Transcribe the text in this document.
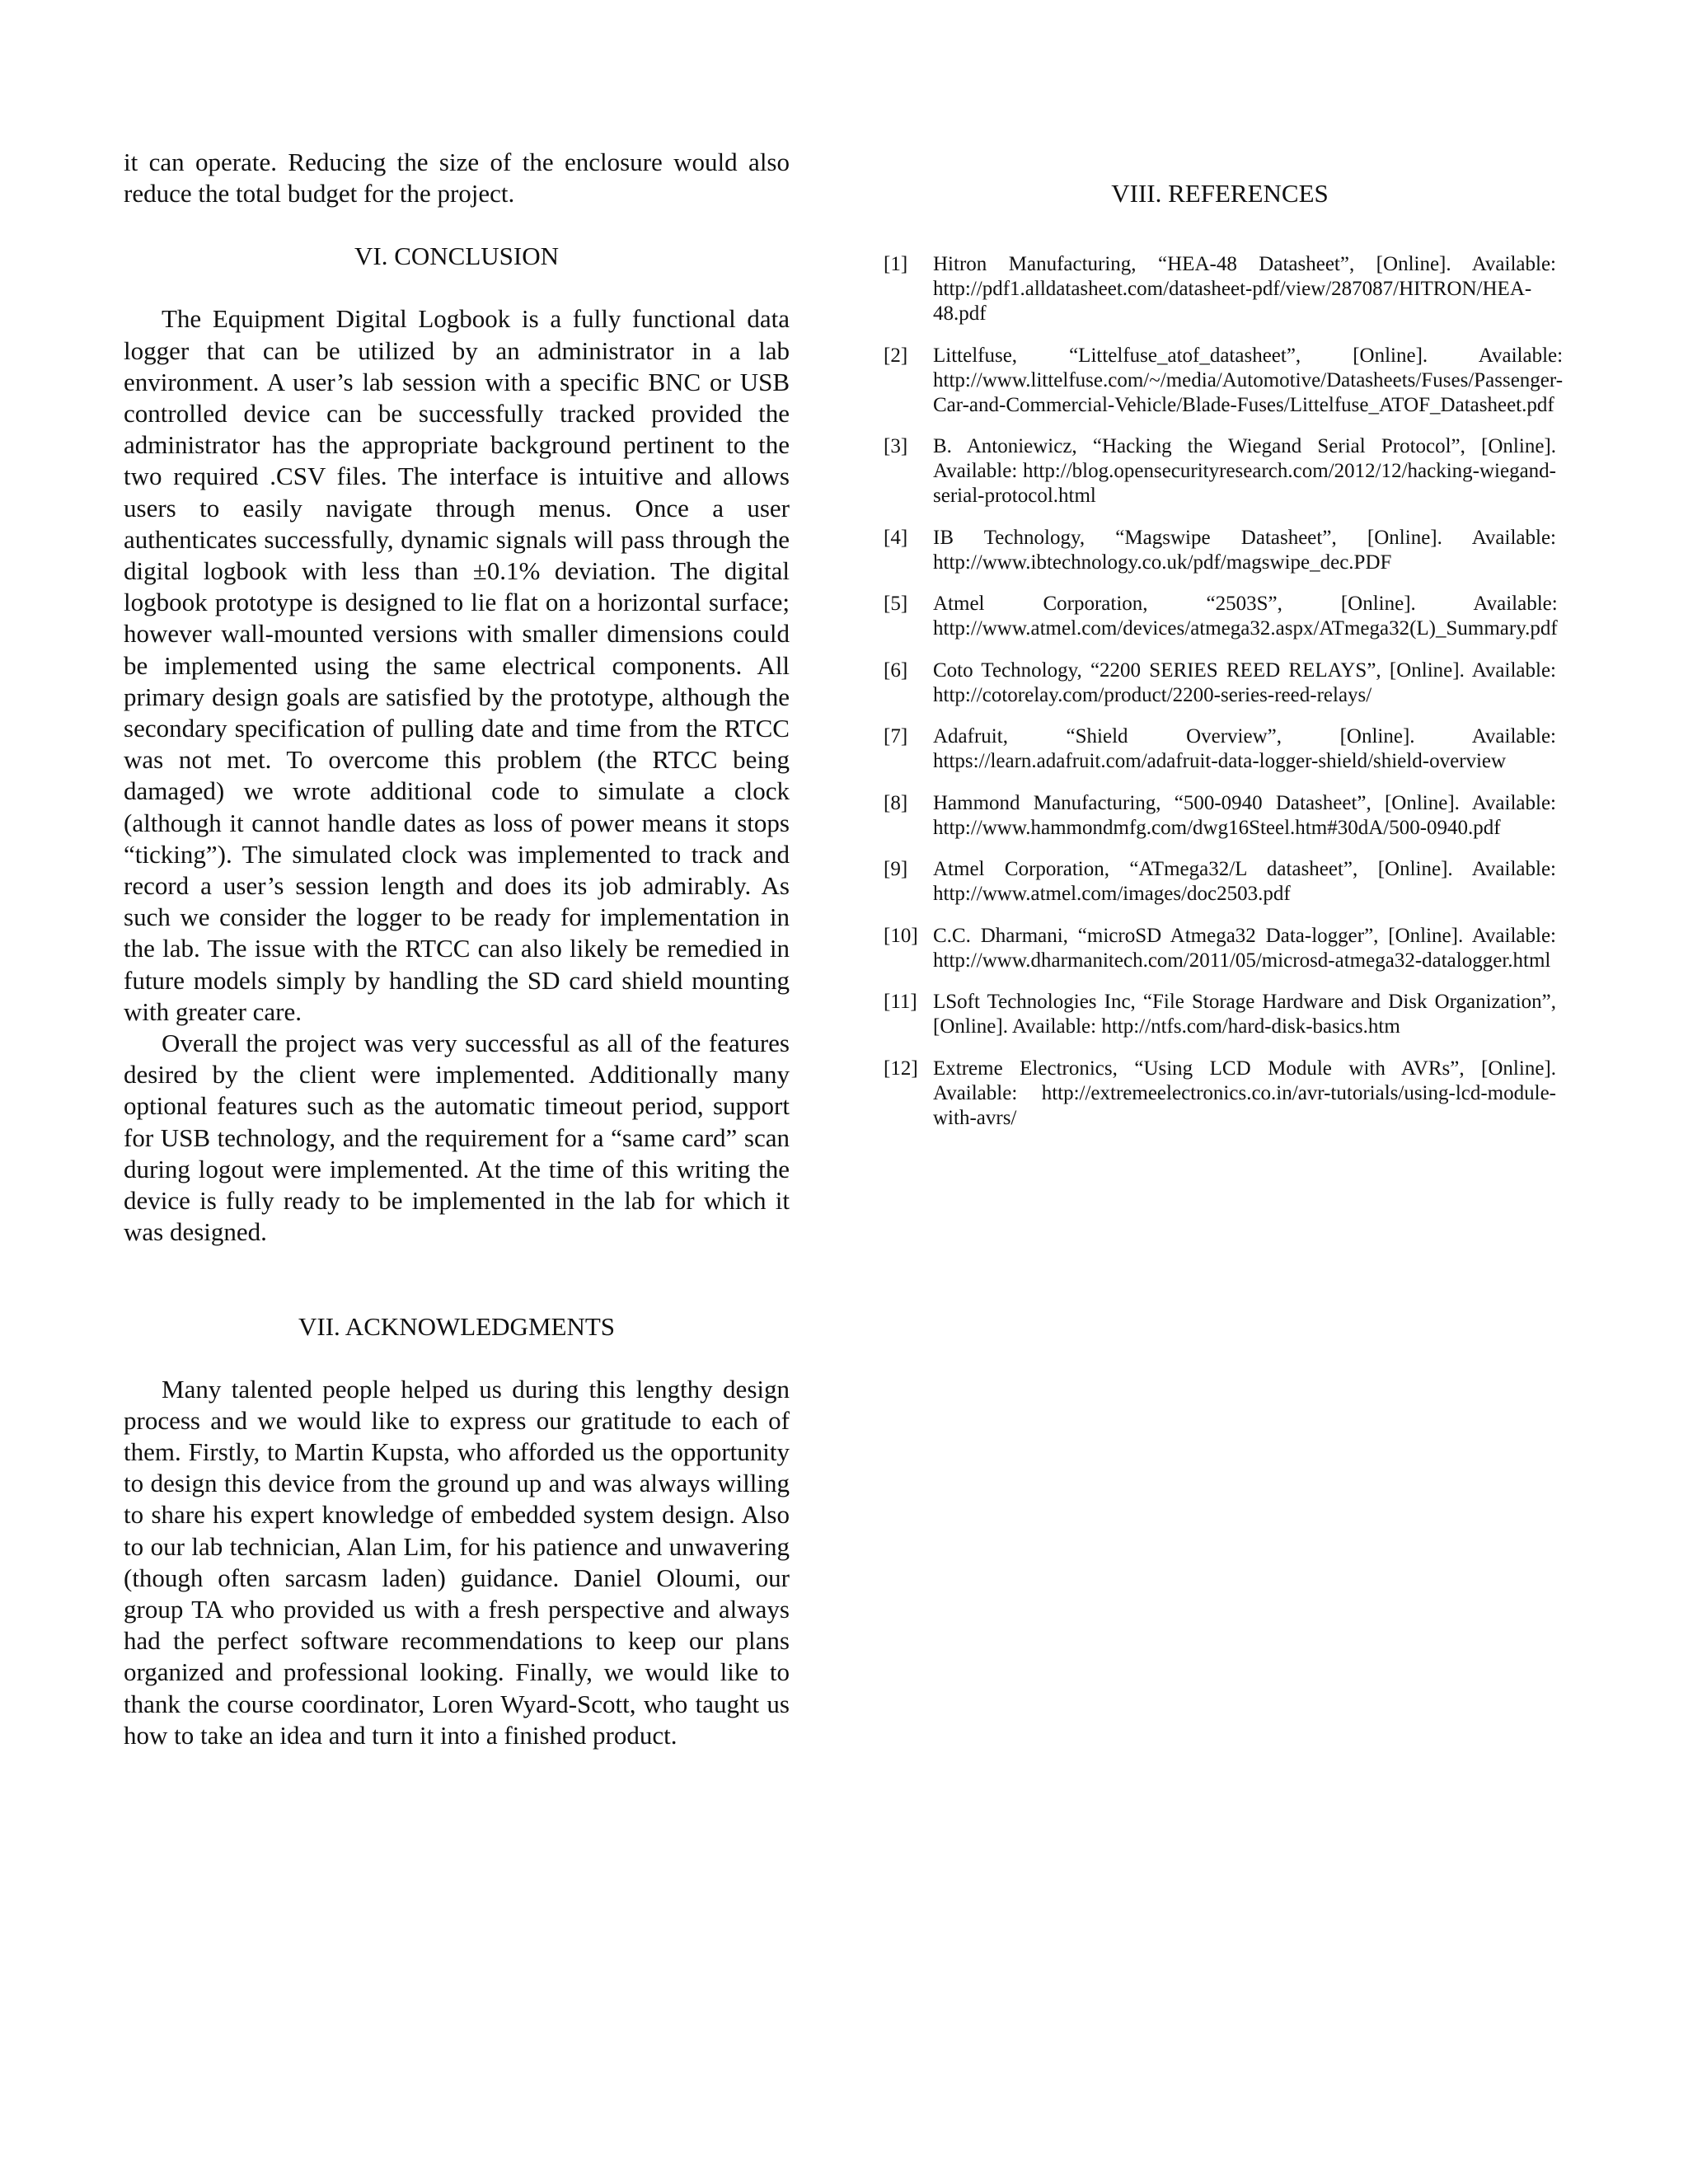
it can operate. Reducing the size of the enclosure would also reduce the total budget for the project.

VI. CONCLUSION

The Equipment Digital Logbook is a fully functional data logger that can be utilized by an administrator in a lab environment. A user’s lab session with a specific BNC or USB controlled device can be successfully tracked provided the administrator has the appropriate background pertinent to the two required .CSV files. The interface is intuitive and allows users to easily navigate through menus. Once a user authenticates successfully, dynamic signals will pass through the digital logbook with less than ±0.1% deviation. The digital logbook prototype is designed to lie flat on a horizontal surface; however wall-mounted versions with smaller dimensions could be implemented using the same electrical components. All primary design goals are satisfied by the prototype, although the secondary specification of pulling date and time from the RTCC was not met. To overcome this problem (the RTCC being damaged) we wrote additional code to simulate a clock (although it cannot handle dates as loss of power means it stops “ticking”). The simulated clock was implemented to track and record a user’s session length and does its job admirably. As such we consider the logger to be ready for implementation in the lab. The issue with the RTCC can also likely be remedied in future models simply by handling the SD card shield mounting with greater care.

Overall the project was very successful as all of the features desired by the client were implemented. Additionally many optional features such as the automatic timeout period, support for USB technology, and the requirement for a “same card” scan during logout were implemented. At the time of this writing the device is fully ready to be implemented in the lab for which it was designed.

VII. ACKNOWLEDGMENTS

Many talented people helped us during this lengthy design process and we would like to express our gratitude to each of them. Firstly, to Martin Kupsta, who afforded us the opportunity to design this device from the ground up and was always willing to share his expert knowledge of embedded system design. Also to our lab technician, Alan Lim, for his patience and unwavering (though often sarcasm laden) guidance. Daniel Oloumi, our group TA who provided us with a fresh perspective and always had the perfect software recommendations to keep our plans organized and professional looking. Finally, we would like to thank the course coordinator, Loren Wyard-Scott, who taught us how to take an idea and turn it into a finished product.

VIII. REFERENCES
[1]	Hitron Manufacturing, “HEA-48 Datasheet”, [Online]. Available: http://pdf1.alldatasheet.com/datasheet-pdf/view/287087/HITRON/HEA-48.pdf
[2]	Littelfuse, “Littelfuse_atof_datasheet”, [Online]. Available: http://www.littelfuse.com/~/media/Automotive/Datasheets/Fuses/Passenger-Car-and-Commercial-Vehicle/Blade-Fuses/Littelfuse_ATOF_Datasheet.pdf
[3]	B. Antoniewicz, “Hacking the Wiegand Serial Protocol”, [Online]. Available: http://blog.opensecurityresearch.com/2012/12/hacking-wiegand-serial-protocol.html
[4]	IB Technology, “Magswipe Datasheet”, [Online]. Available: http://www.ibtechnology.co.uk/pdf/magswipe_dec.PDF
[5]	Atmel Corporation, “2503S”, [Online]. Available: http://www.atmel.com/devices/atmega32.aspx/ATmega32(L)_Summary.pdf
[6]	Coto Technology, “2200 SERIES REED RELAYS”, [Online]. Available: http://cotorelay.com/product/2200-series-reed-relays/
[7]	Adafruit, “Shield Overview”, [Online]. Available: https://learn.adafruit.com/adafruit-data-logger-shield/shield-overview
[8]	Hammond Manufacturing, “500-0940 Datasheet”, [Online]. Available: http://www.hammondmfg.com/dwg16Steel.htm#30dA/500-0940.pdf
[9]	Atmel Corporation, “ATmega32/L datasheet”, [Online]. Available: http://www.atmel.com/images/doc2503.pdf
[10] C.C. Dharmani, “microSD Atmega32 Data-logger”, [Online]. Available: http://www.dharmanitech.com/2011/05/microsd-atmega32-datalogger.html
[11] LSoft Technologies Inc, “File Storage Hardware and Disk Organization”, [Online]. Available: http://ntfs.com/hard-disk-basics.htm
[12] Extreme Electronics, “Using LCD Module with AVRs”, [Online]. Available: http://extremeelectronics.co.in/avr-tutorials/using-lcd-module-with-avrs/
